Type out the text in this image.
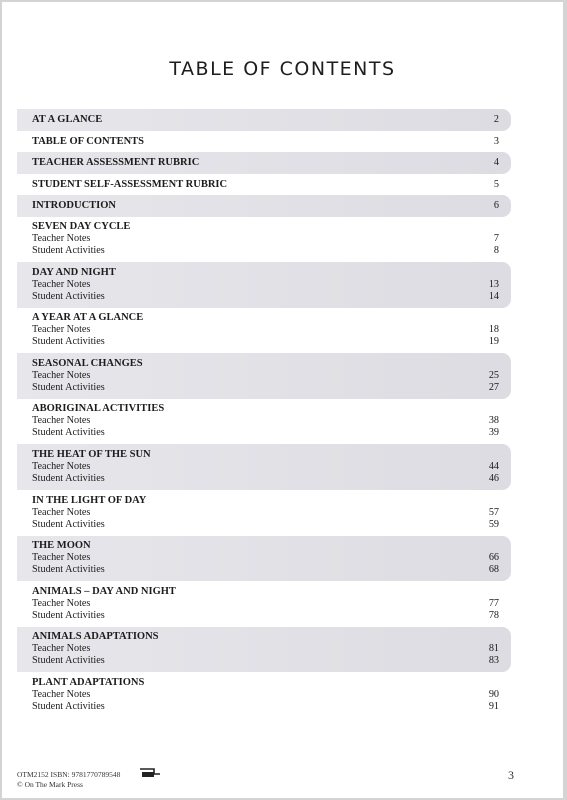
TABLE OF CONTENTS
AT A GLANCE	2
TABLE OF CONTENTS	3
TEACHER ASSESSMENT RUBRIC	4
STUDENT SELF-ASSESSMENT RUBRIC	5
INTRODUCTION	6
SEVEN DAY CYCLE
Teacher Notes	7
Student Activities	8
DAY AND NIGHT
Teacher Notes	13
Student Activities	14
A YEAR AT A GLANCE
Teacher Notes	18
Student Activities	19
SEASONAL CHANGES
Teacher Notes	25
Student Activities	27
ABORIGINAL ACTIVITIES
Teacher Notes	38
Student Activities	39
THE HEAT OF THE SUN
Teacher Notes	44
Student Activities	46
IN THE LIGHT OF DAY
Teacher Notes	57
Student Activities	59
THE MOON
Teacher Notes	66
Student Activities	68
ANIMALS – DAY AND NIGHT
Teacher Notes	77
Student Activities	78
ANIMALS ADAPTATIONS
Teacher Notes	81
Student Activities	83
PLANT ADAPTATIONS
Teacher Notes	90
Student Activities	91
OTM2152 ISBN: 9781770789548
© On The Mark Press
3
